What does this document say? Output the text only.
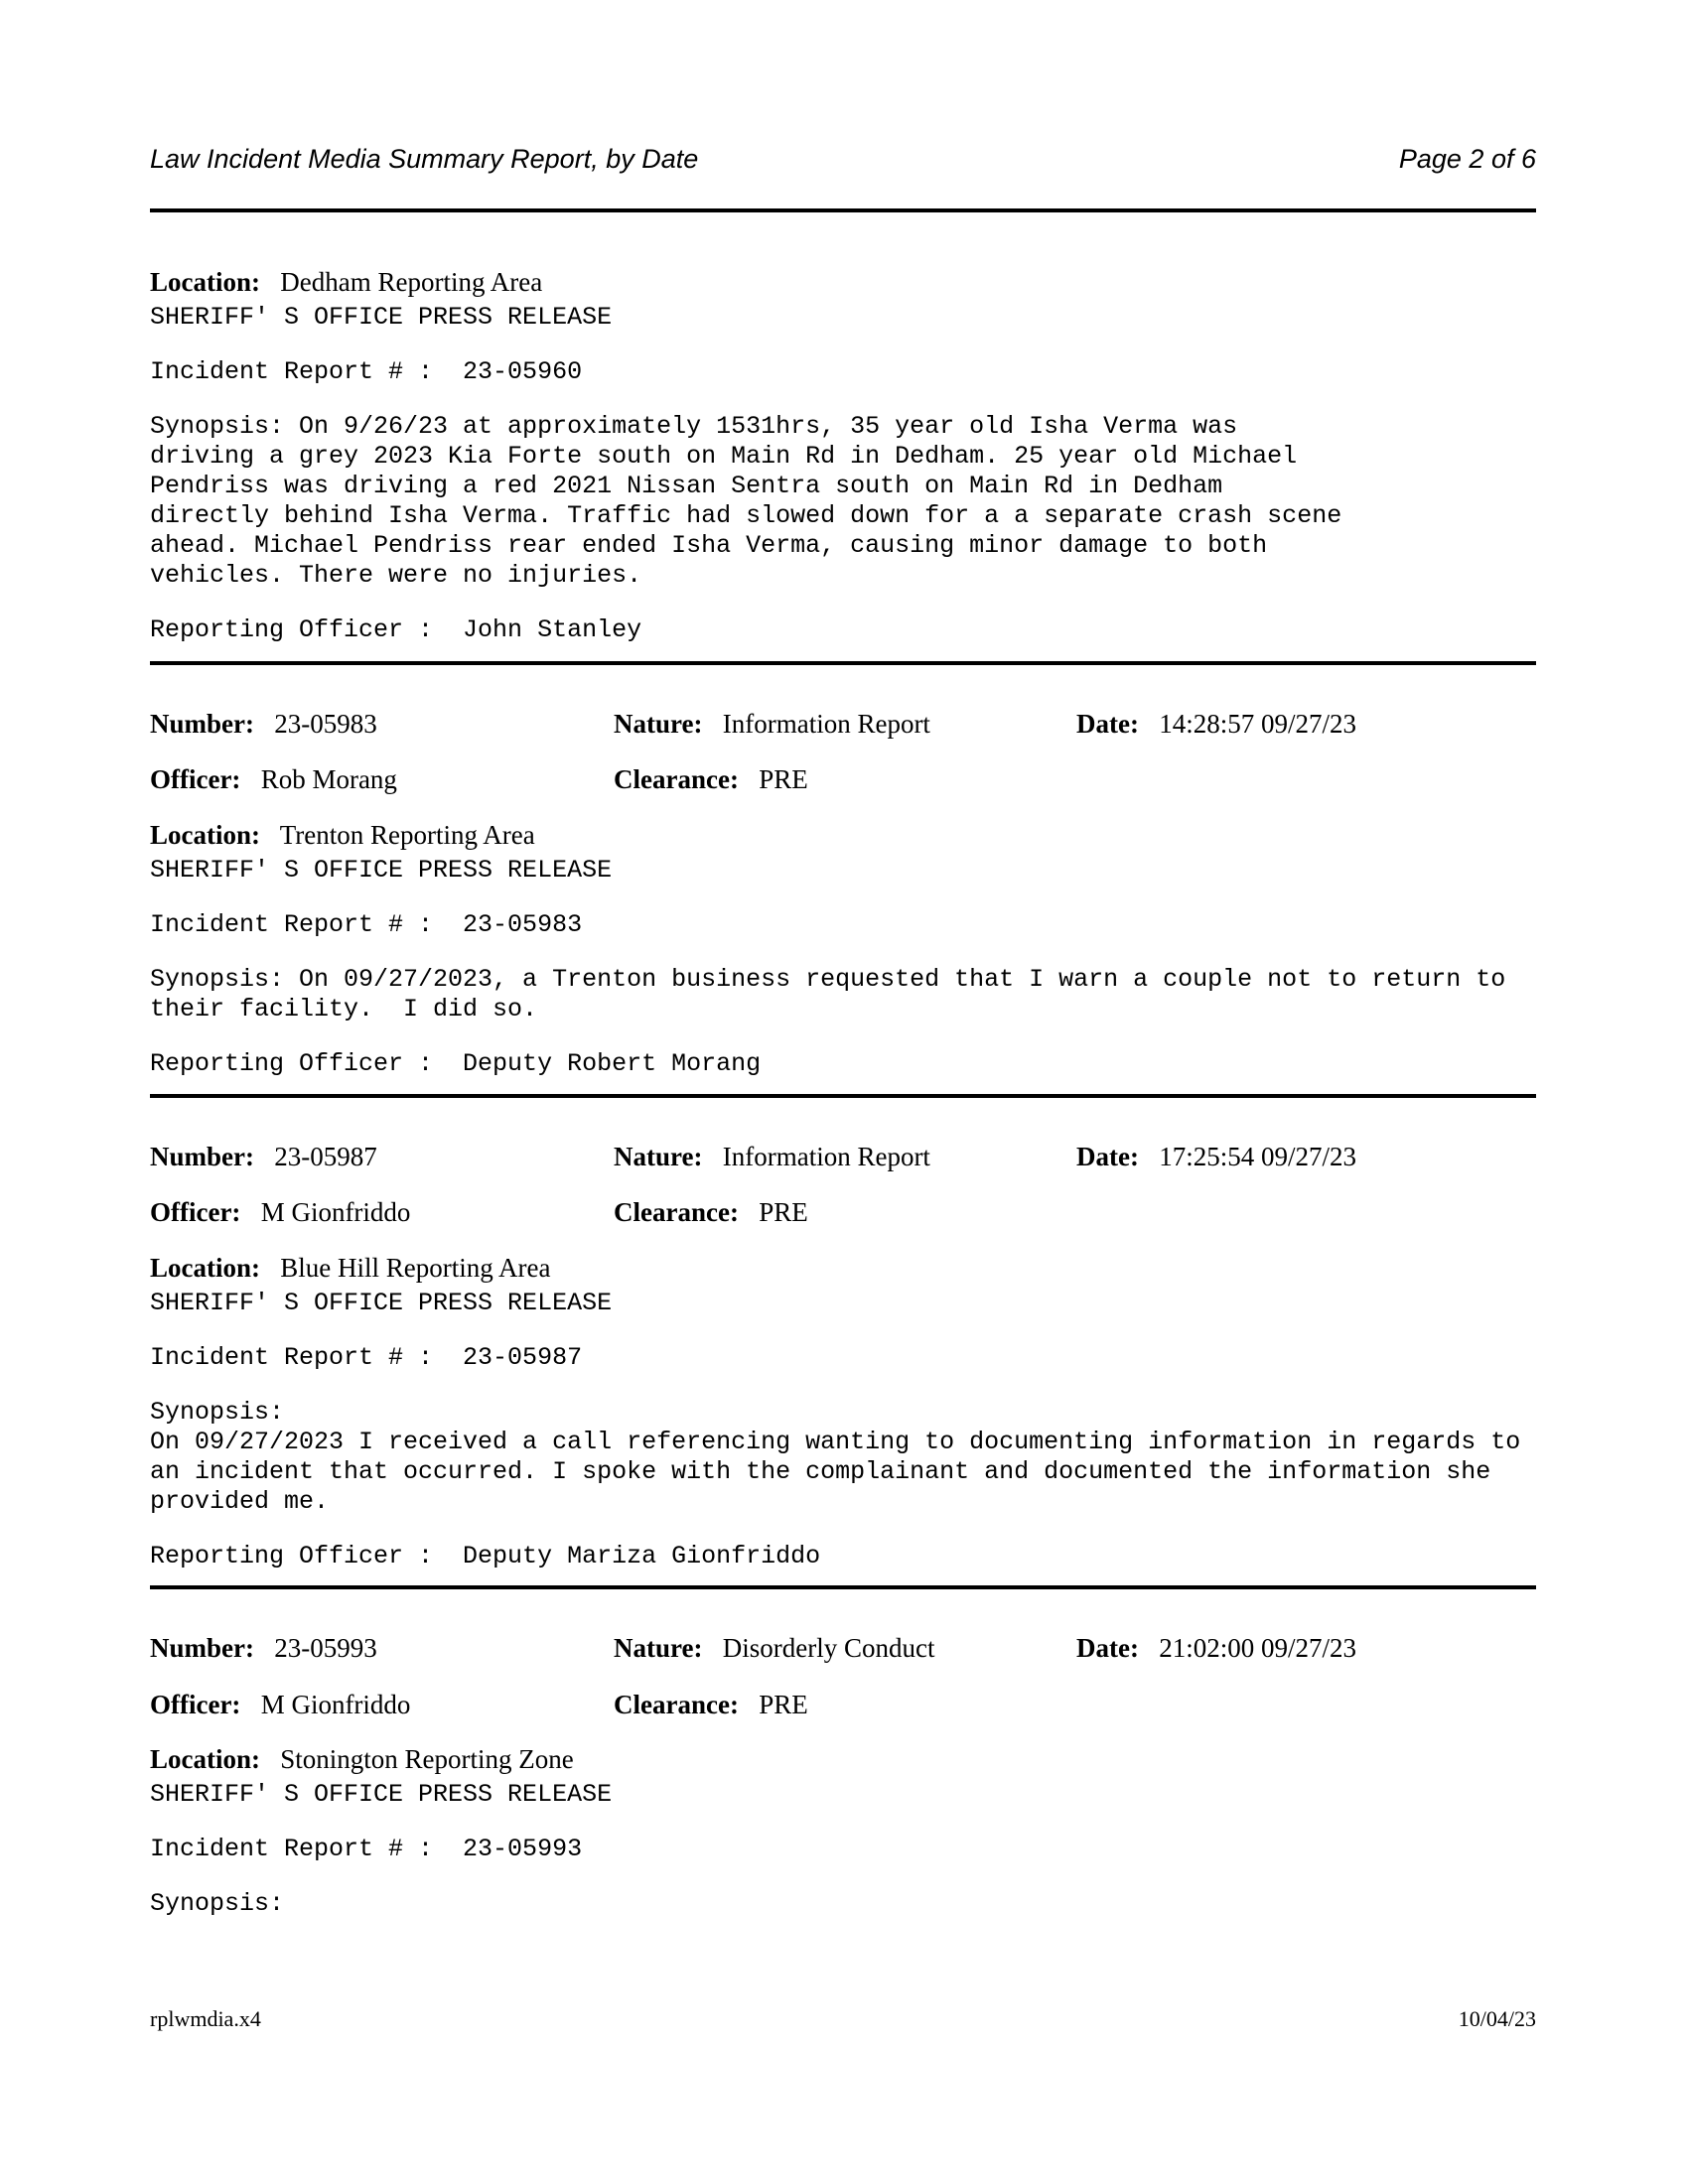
Law Incident Media Summary Report, by Date	Page 2 of 6
Location: Dedham Reporting Area
SHERIFF' S OFFICE PRESS RELEASE
Incident Report # :  23-05960
Synopsis: On 9/26/23 at approximately 1531hrs, 35 year old Isha Verma was
driving a grey 2023 Kia Forte south on Main Rd in Dedham. 25 year old Michael
Pendriss was driving a red 2021 Nissan Sentra south on Main Rd in Dedham
directly behind Isha Verma. Traffic had slowed down for a a separate crash scene
ahead. Michael Pendriss rear ended Isha Verma, causing minor damage to both
vehicles. There were no injuries.
Reporting Officer :  John Stanley
Number: 23-05983	Nature: Information Report	Date: 14:28:57 09/27/23
Officer: Rob Morang	Clearance: PRE
Location: Trenton Reporting Area
SHERIFF' S OFFICE PRESS RELEASE
Incident Report # :  23-05983
Synopsis: On 09/27/2023, a Trenton business requested that I warn a couple not to return to
their facility.  I did so.
Reporting Officer :  Deputy Robert Morang
Number: 23-05987	Nature: Information Report	Date: 17:25:54 09/27/23
Officer: M Gionfriddo	Clearance: PRE
Location: Blue Hill Reporting Area
SHERIFF' S OFFICE PRESS RELEASE
Incident Report # :  23-05987
Synopsis:
On 09/27/2023 I received a call referencing wanting to documenting information in regards to
an incident that occurred. I spoke with the complainant and documented the information she
provided me.
Reporting Officer :  Deputy Mariza Gionfriddo
Number: 23-05993	Nature: Disorderly Conduct	Date: 21:02:00 09/27/23
Officer: M Gionfriddo	Clearance: PRE
Location: Stonington Reporting Zone
SHERIFF' S OFFICE PRESS RELEASE
Incident Report # :  23-05993
Synopsis:
rplwmdia.x4	10/04/23
